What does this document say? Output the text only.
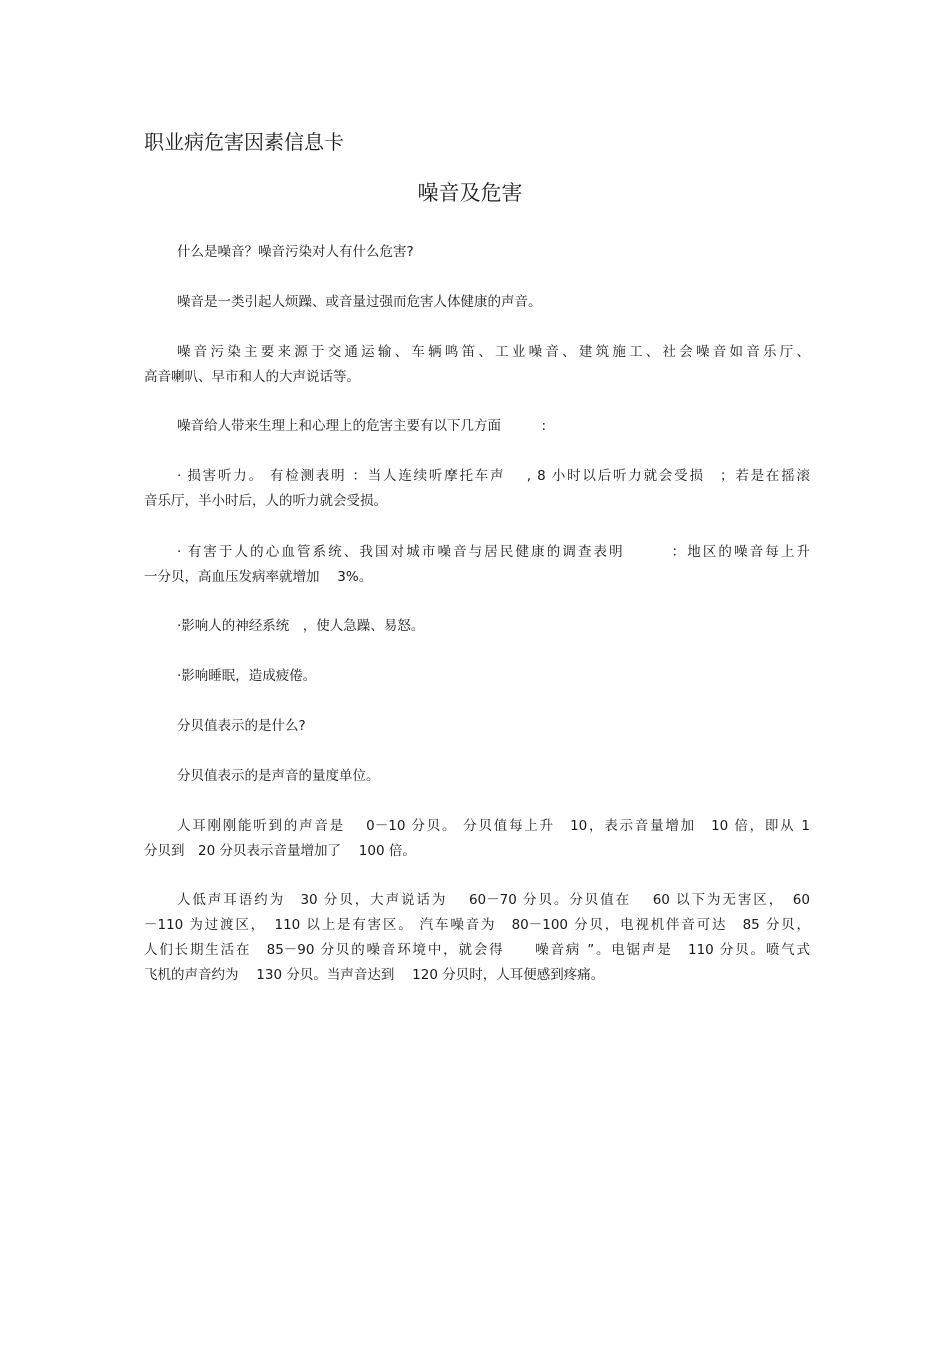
职业病危害因素信息卡
噪音及危害
什么是噪音？噪音污染对人有什么危害?
噪音是一类引起人烦躁、或音量过强而危害人体健康的声音。
噪音污染主要来源于交通运输、车辆鸣笛、工业噪音、建筑施工、社会噪音如音乐厅、
高音喇叭、早市和人的大声说话等。
噪音给人带来生理上和心理上的危害主要有以下几方面　　　:
· 损害听力。 有检测表明 ：当人连续听摩托车声　 , 8 小时以后听力就会受损　；若是在摇滚
音乐厅，半小时后，人的听力就会受损。
· 有害于人的心血管系统、我国对城市噪音与居民健康的调查表明　　　：地区的噪音每上升
一分贝，高血压发病率就增加　 3%。
·影响人的神经系统　，使人急躁、易怒。
·影响睡眠，造成疲倦。
分贝值表示的是什么?
分贝值表示的是声音的量度单位。
人耳刚刚能听到的声音是　 0－10 分贝。 分贝值每上升　10，表示音量增加　10 倍，即从 1
分贝到　20 分贝表示音量增加了　 100 倍。
人低声耳语约为　30 分贝，大声说话为　 60－70 分贝。分贝值在　 60 以下为无害区，　60
－110 为过渡区，　110 以上是有害区。 汽车噪音为　80－100 分贝，电视机伴音可达　85 分贝，
人们长期生活在　85－90 分贝的噪音环境中，就会得　　噪音病 ”。电锯声是　110 分贝。喷气式
飞机的声音约为　 130 分贝。当声音达到　 120 分贝时，人耳便感到疼痛。
